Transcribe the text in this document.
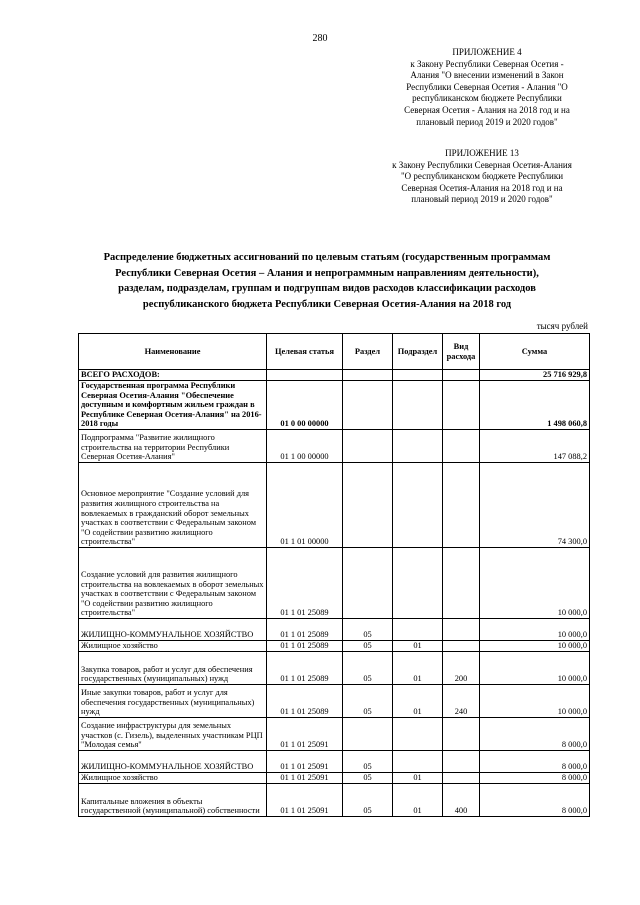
280
ПРИЛОЖЕНИЕ 4
к Закону Республики Северная Осетия -
Алания "О внесении изменений в Закон
Республики Северная Осетия - Алания "О
республиканском бюджете Республики
Северная Осетия - Алания на 2018 год и на
плановый период 2019 и 2020 годов"
ПРИЛОЖЕНИЕ 13
к Закону Республики Северная Осетия-Алания
"О республиканском бюджете Республики
Северная Осетия-Алания на 2018 год и на
плановый период 2019 и 2020 годов"
Распределение бюджетных ассигнований по целевым статьям (государственным программам
Республики Северная Осетия – Алания и непрограммным направлениям деятельности),
разделам, подразделам, группам и подгруппам видов расходов классификации расходов
республиканского бюджета Республики Северная Осетия-Алания на 2018 год
тысяч рублей
Наименование	Целевая статья	Раздел	Подраздел	Вид расхода	Сумма
ВСЕГО РАСХОДОВ:					25 716 929,8
Государственная программа Республики Северная Осетия-Алания "Обеспечение доступным и комфортным жильем граждан в Республике Северная Осетия-Алания" на 2016-2018 годы	01 0 00 00000				1 498 060,8
Подпрограмма "Развитие жилищного строительства на территории Республики Северная Осетия-Алания"	01 1 00 00000				147 088,2
Основное мероприятие "Создание условий для развития жилищного строительства на вовлекаемых в гражданский оборот земельных участках в соответствии с Федеральным законом "О содействии развитию жилищного строительства"	01 1 01 00000				74 300,0
Создание условий для развития жилищного строительства на вовлекаемых в оборот земельных участках в соответствии с Федеральным законом "О содействии развитию жилищного строительства"	01 1 01 25089				10 000,0
ЖИЛИЩНО-КОММУНАЛЬНОЕ ХОЗЯЙСТВО	01 1 01 25089	05			10 000,0
Жилищное хозяйство	01 1 01 25089	05	01		10 000,0
Закупка товаров, работ и услуг для обеспечения государственных (муниципальных) нужд	01 1 01 25089	05	01	200	10 000,0
Иные закупки товаров, работ и услуг для обеспечения государственных (муниципальных) нужд	01 1 01 25089	05	01	240	10 000,0
Создание инфраструктуры для земельных участков (с. Гизель), выделенных участникам РЦП "Молодая семья"	01 1 01 25091				8 000,0
ЖИЛИЩНО-КОММУНАЛЬНОЕ ХОЗЯЙСТВО	01 1 01 25091	05			8 000,0
Жилищное хозяйство	01 1 01 25091	05	01		8 000,0
Капитальные вложения в объекты государственной (муниципальной) собственности	01 1 01 25091	05	01	400	8 000,0
